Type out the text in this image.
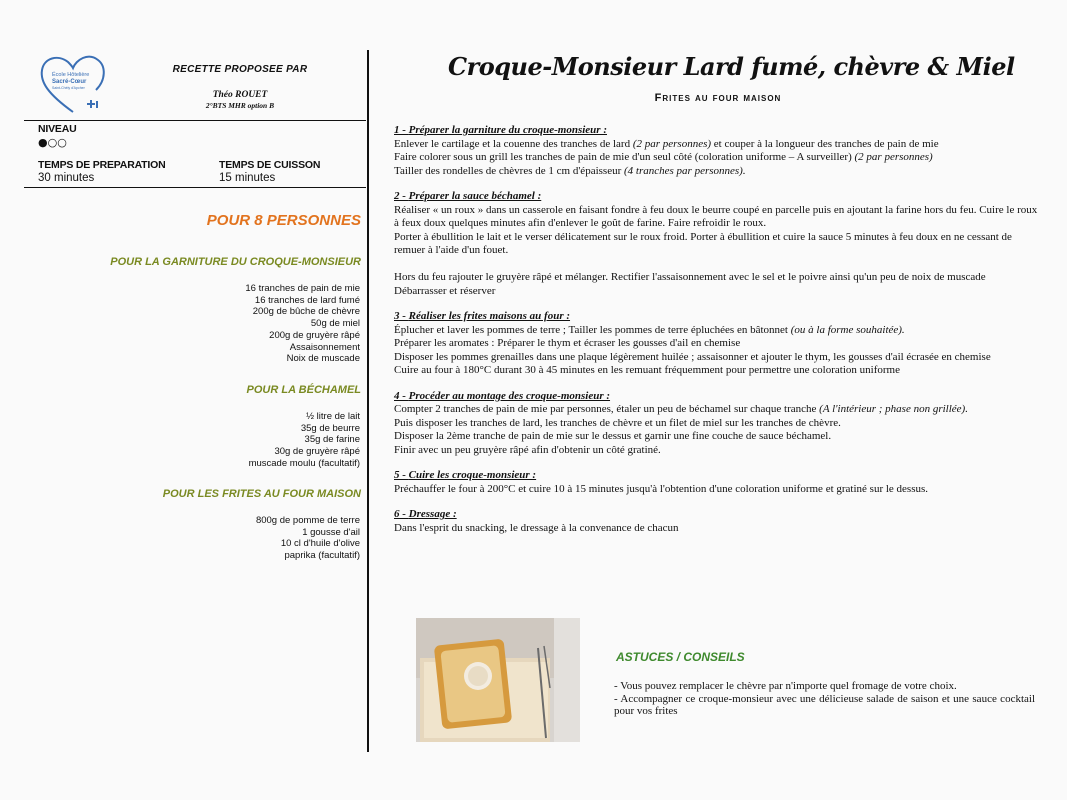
École Hôtelière
Sacré-Cœur
Saint-Chély d'Apcher
RECETTE PROPOSEE PAR
Théo ROUET
2°BTS MHR option B
NIVEAU
●○○
TEMPS DE PREPARATION
30 minutes
TEMPS DE CUISSON
15 minutes
POUR 8 PERSONNES
POUR LA GARNITURE DU CROQUE-MONSIEUR
16 tranches de pain de mie
16 tranches de lard fumé
200g de bûche de chèvre
50g de miel
200g de gruyère râpé
Assaisonnement
Noix de muscade
POUR LA BÉCHAMEL
½ litre de lait
35g de beurre
35g de farine
30g de gruyère râpé
muscade moulu (facultatif)
POUR LES FRITES AU FOUR MAISON
800g de pomme de terre
1 gousse d'ail
10 cl d'huile d'olive
paprika (facultatif)
Croque-Monsieur Lard fumé, chèvre & Miel
Frites au four maison
1 - Préparer la garniture du croque-monsieur :

Enlever le cartilage et la couenne des tranches de lard (2 par personnes) et couper à la longueur des tranches de pain de mie

Faire colorer sous un grill les tranches de pain de mie d'un seul côté (coloration uniforme – A surveiller) (2 par personnes)

Tailler des rondelles de chèvres de 1 cm d'épaisseur (4 tranches par personnes).

2 - Préparer la sauce béchamel :

Réaliser « un roux » dans un casserole en faisant fondre à feu doux le beurre coupé en parcelle puis en ajoutant la farine hors du feu. Cuire le roux à feux doux quelques minutes afin d'enlever le goût de farine. Faire refroidir le roux.

Porter à ébullition le lait et le verser délicatement sur le roux froid. Porter à ébullition et cuire la sauce 5 minutes à feu doux en ne cessant de remuer à l'aide d'un fouet.

Hors du feu rajouter le gruyère râpé et mélanger. Rectifier l'assaisonnement avec le sel et le poivre ainsi qu'un peu de noix de muscade

Débarrasser et réserver

3 - Réaliser les frites maisons au four :

Éplucher et laver les pommes de terre ; Tailler les pommes de terre épluchées en bâtonnet (ou à la forme souhaitée).

Préparer les aromates : Préparer le thym et écraser les gousses d'ail en chemise

Disposer les pommes grenailles dans une plaque légèrement huilée ; assaisonner et ajouter le thym, les gousses d'ail écrasée en chemise

Cuire au four à 180°C durant 30 à 45 minutes en les remuant fréquemment pour permettre une coloration uniforme

4 - Procéder au montage des croque-monsieur :

Compter 2 tranches de pain de mie par personnes, étaler un peu de béchamel sur chaque tranche (A l'intérieur ; phase non grillée).

Puis disposer les tranches de lard, les tranches de chèvre et un filet de miel sur les tranches de chèvre.

Disposer la 2ème tranche de pain de mie sur le dessus et garnir une fine couche de sauce béchamel.

Finir avec un peu gruyère râpé afin d'obtenir un côté gratiné.

5 - Cuire les croque-monsieur :

Préchauffer le four à 200°C et cuire 10 à 15 minutes jusqu'à l'obtention d'une coloration uniforme et gratiné sur le dessus.

6 - Dressage :

Dans l'esprit du snacking, le dressage à la convenance de chacun

ASTUCES / CONSEILS

- Vous pouvez remplacer le chèvre par n'importe quel fromage de votre choix.

- Accompagner ce croque-monsieur avec une délicieuse salade de saison et une sauce cocktail pour vos frites
